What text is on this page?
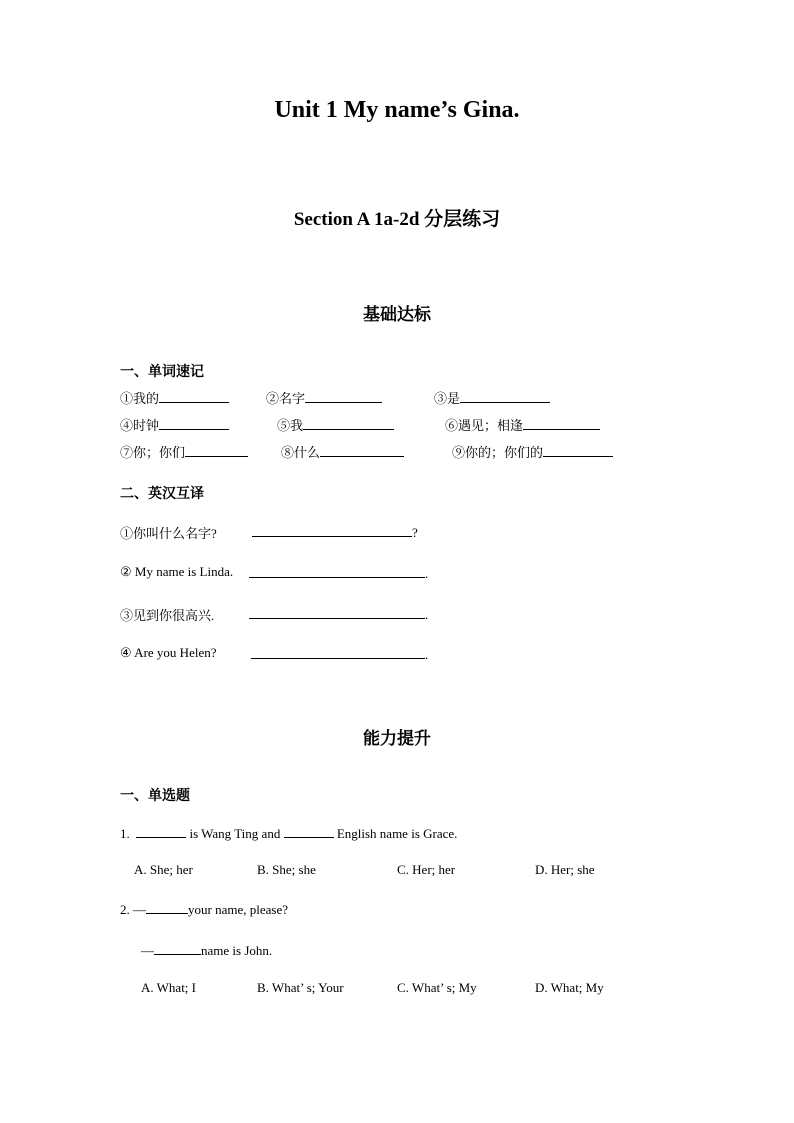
Unit 1 My name’s Gina.
Section A 1a-2d 分层练习
基础达标
一、单词速记
①我的	②名字	③是
④时钟	⑤我	⑥遇见；相逢
⑦你；你们	⑧什么	⑨你的；你们的
二、英汉互译
①你叫什么名字?	?
② My name is Linda.	.
③见到你很高兴.	.
④ Are you Helen?	.
能力提升
一、单选题
1.	is Wang Ting and	English name is Grace.
A. She; her	B. She; she	C. Her; her	D. Her; she
2. —	your name, please?
—	name is John.
A. What; I	B. What’ s; Your	C. What’ s; My	D. What; My
